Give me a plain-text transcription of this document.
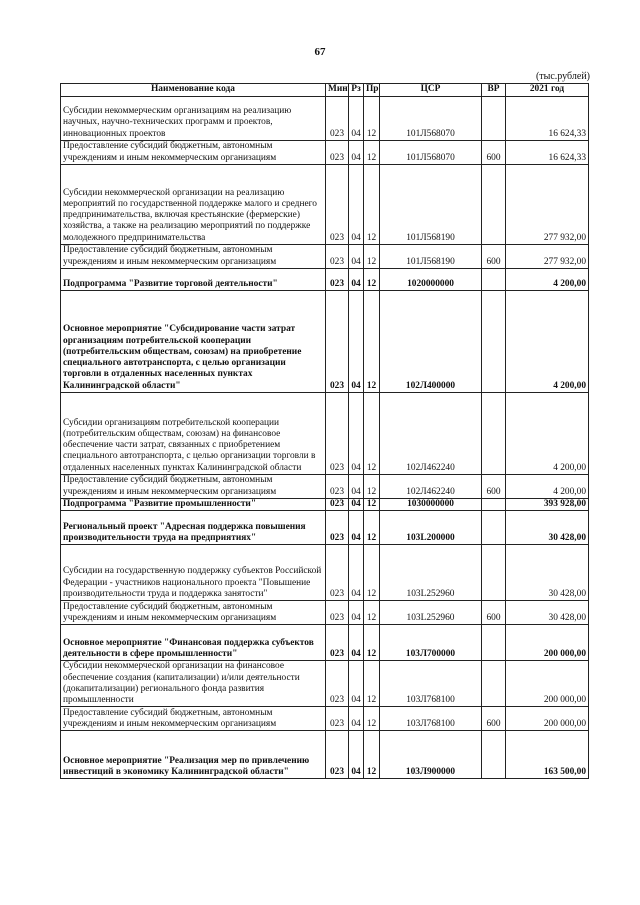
67
(тыс.рублей)
Наименование кода	Мин	Рз	Пр	ЦСР	ВР	2021 год
Субсидии некоммерческим организациям на реализацию научных, научно-технических программ и проектов, инновационных проектов	023	04	12	101Л568070		16 624,33
Предоставление субсидий бюджетным, автономным учреждениям и иным некоммерческим организациям	023	04	12	101Л568070	600	16 624,33
Субсидии некоммерческой организации на реализацию мероприятий по государственной поддержке малого и среднего предпринимательства, включая крестьянские (фермерские) хозяйства, а также на реализацию мероприятий по поддержке молодежного предпринимательства	023	04	12	101Л568190		277 932,00
Предоставление субсидий бюджетным, автономным учреждениям и иным некоммерческим организациям	023	04	12	101Л568190	600	277 932,00
Подпрограмма "Развитие торговой деятельности"	023	04	12	1020000000		4 200,00
Основное мероприятие "Субсидирование части затрат организациям потребительской кооперации (потребительским обществам, союзам) на приобретение специального автотранспорта, с целью организации торговли в отдаленных населенных пунктах Калининградской области"	023	04	12	102Л400000		4 200,00
Субсидии организациям потребительской кооперации (потребительским обществам, союзам) на финансовое обеспечение части затрат, связанных с приобретением специального автотранспорта, с целью организации торговли в отдаленных населенных пунктах Калининградской области	023	04	12	102Л462240		4 200,00
Предоставление субсидий бюджетным, автономным учреждениям и иным некоммерческим организациям	023	04	12	102Л462240	600	4 200,00
Подпрограмма "Развитие промышленности"	023	04	12	1030000000		393 928,00
Региональный проект "Адресная поддержка повышения производительности труда на предприятиях"	023	04	12	103L200000		30 428,00
Субсидии на государственную поддержку субъектов Российской Федерации - участников национального проекта "Повышение производительности труда и поддержка занятости"	023	04	12	103L252960		30 428,00
Предоставление субсидий бюджетным, автономным учреждениям и иным некоммерческим организациям	023	04	12	103L252960	600	30 428,00
Основное мероприятие "Финансовая поддержка субъектов деятельности в сфере промышленности"	023	04	12	103Л700000		200 000,00
Субсидии некоммерческой организации на финансовое обеспечение создания (капитализации) и/или деятельности (докапитализации) регионального фонда развития промышленности	023	04	12	103Л768100		200 000,00
Предоставление субсидий бюджетным, автономным учреждениям и иным некоммерческим организациям	023	04	12	103Л768100	600	200 000,00
Основное мероприятие "Реализация мер по привлечению инвестиций в экономику Калининградской области"	023	04	12	103Л900000		163 500,00
